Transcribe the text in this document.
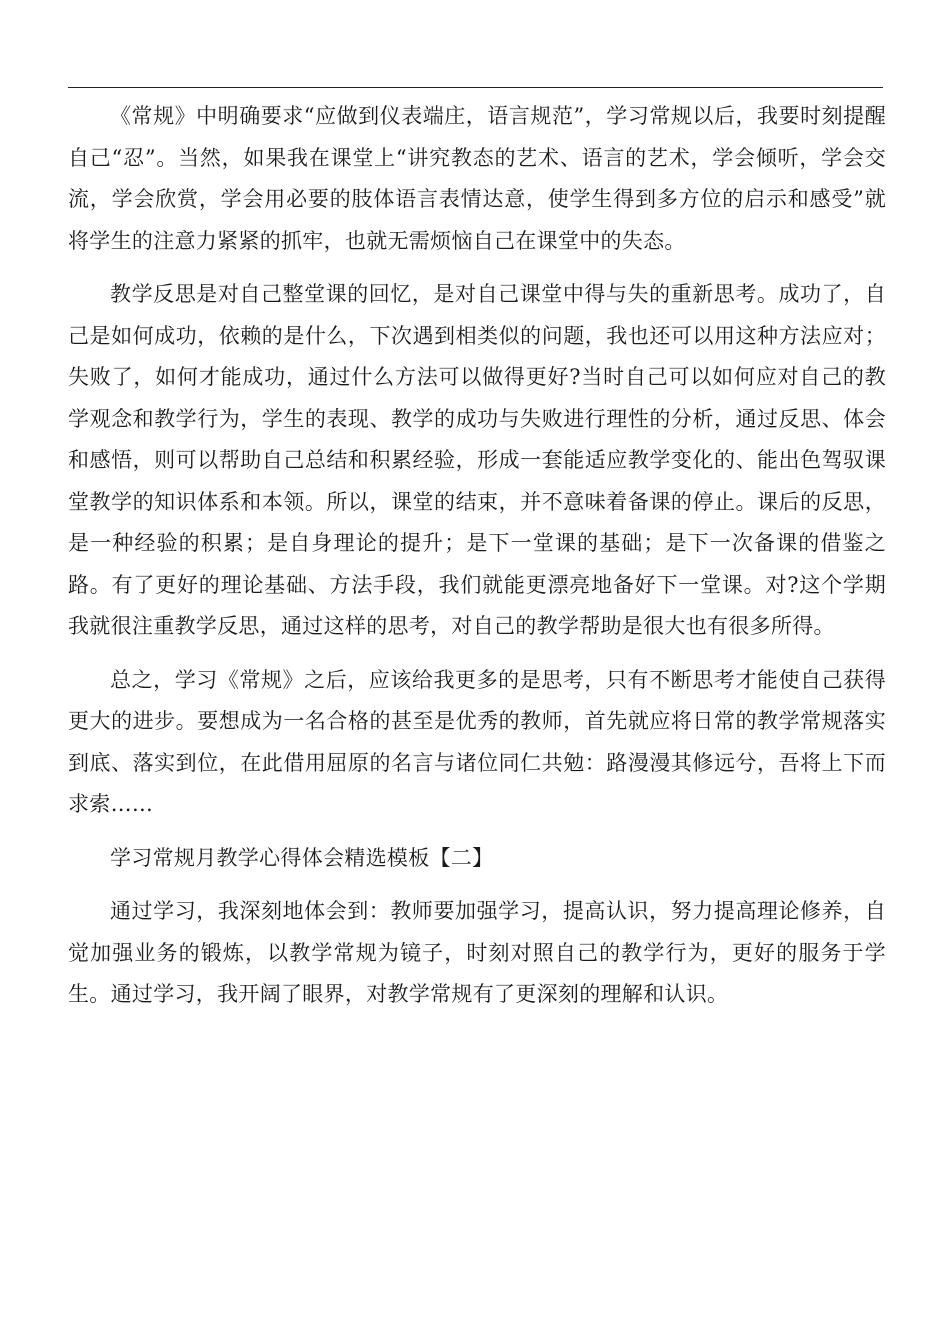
《常规》中明确要求“应做到仪表端庄，语言规范”，学习常规以后，我要时刻提醒自己“忍”。当然，如果我在课堂上“讲究教态的艺术、语言的艺术，学会倾听，学会交流，学会欣赏，学会用必要的肢体语言表情达意，使学生得到多方位的启示和感受”就将学生的注意力紧紧的抓牢，也就无需烦恼自己在课堂中的失态。

教学反思是对自己整堂课的回忆，是对自己课堂中得与失的重新思考。成功了，自己是如何成功，依赖的是什么，下次遇到相类似的问题，我也还可以用这种方法应对；失败了，如何才能成功，通过什么方法可以做得更好?当时自己可以如何应对自己的教学观念和教学行为，学生的表现、教学的成功与失败进行理性的分析，通过反思、体会和感悟，则可以帮助自己总结和积累经验，形成一套能适应教学变化的、能出色驾驭课堂教学的知识体系和本领。所以，课堂的结束，并不意味着备课的停止。课后的反思，是一种经验的积累；是自身理论的提升；是下一堂课的基础；是下一次备课的借鉴之路。有了更好的理论基础、方法手段，我们就能更漂亮地备好下一堂课。对?这个学期我就很注重教学反思，通过这样的思考，对自己的教学帮助是很大也有很多所得。

总之，学习《常规》之后，应该给我更多的是思考，只有不断思考才能使自己获得更大的进步。要想成为一名合格的甚至是优秀的教师，首先就应将日常的教学常规落实到底、落实到位，在此借用屈原的名言与诸位同仁共勉：路漫漫其修远兮，吾将上下而求索……

学习常规月教学心得体会精选模板【二】

通过学习，我深刻地体会到：教师要加强学习，提高认识，努力提高理论修养，自觉加强业务的锻炼，以教学常规为镜子，时刻对照自己的教学行为，更好的服务于学生。通过学习，我开阔了眼界，对教学常规有了更深刻的理解和认识。
